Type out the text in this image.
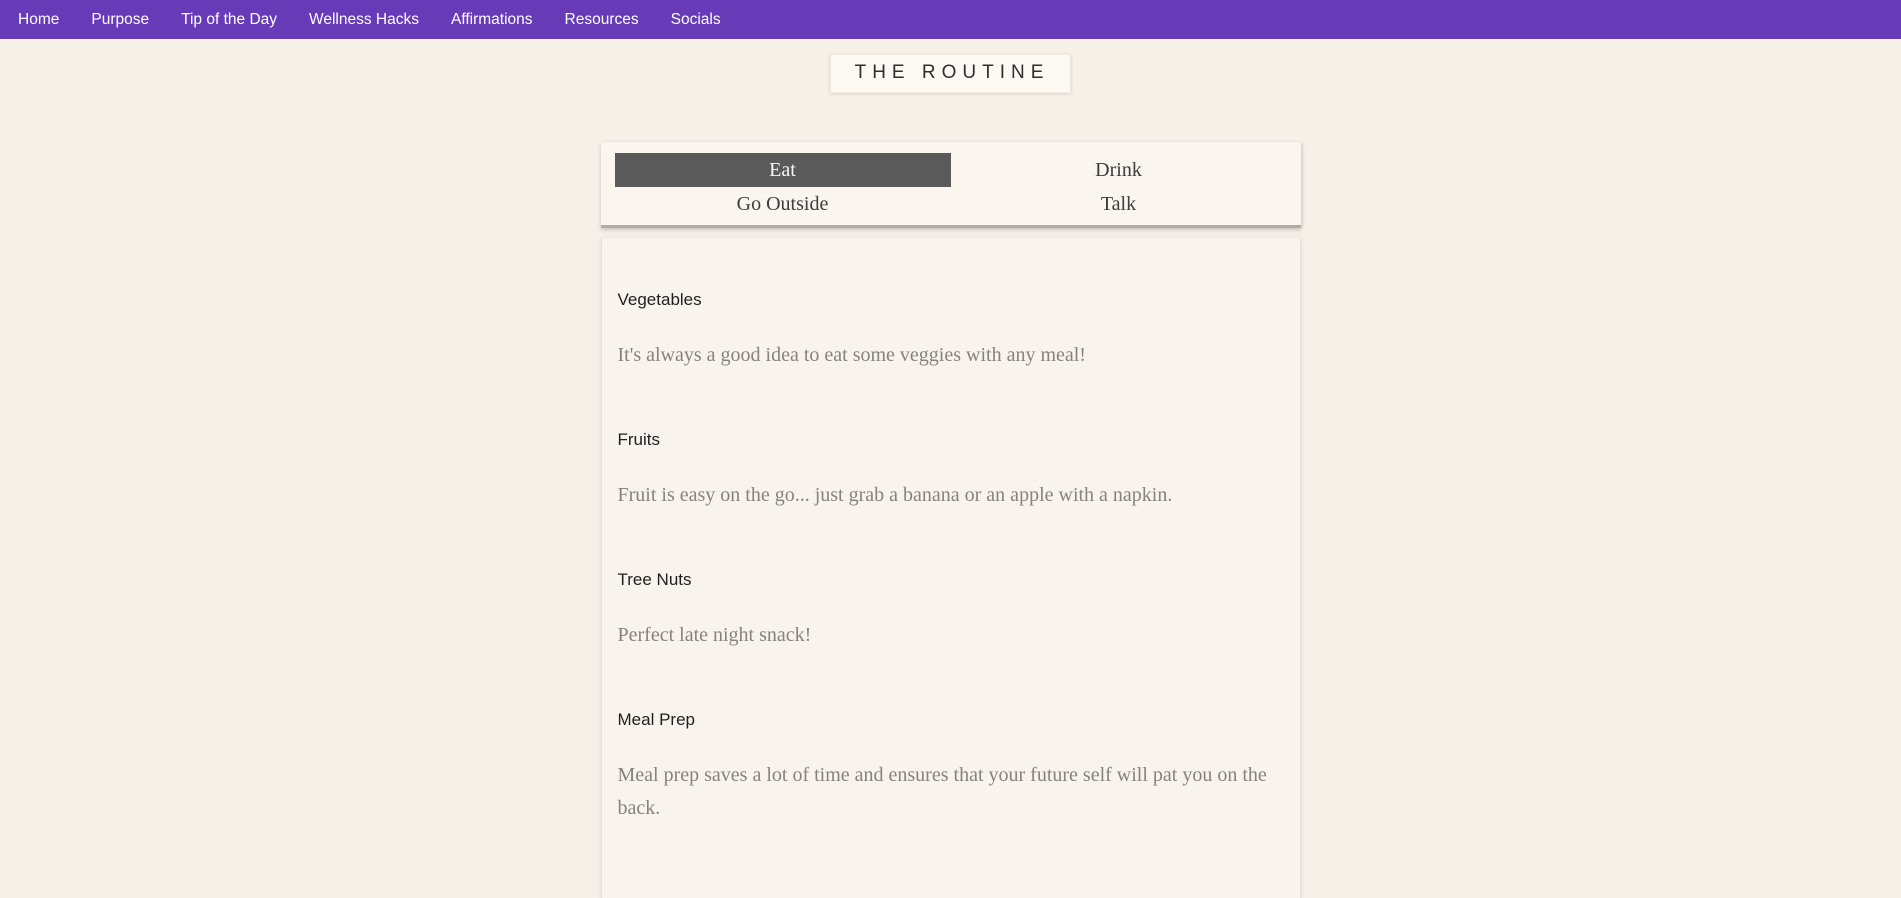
Home	Purpose	Tip of the Day	Wellness Hacks	Affirmations	Resources	Socials
THE ROUTINE
Eat	Drink
Go Outside	Talk
Vegetables

It's always a good idea to eat some veggies with any meal!

Fruits

Fruit is easy on the go... just grab a banana or an apple with a napkin.

Tree Nuts

Perfect late night snack!

Meal Prep

Meal prep saves a lot of time and ensures that your future self will pat you on the back.
